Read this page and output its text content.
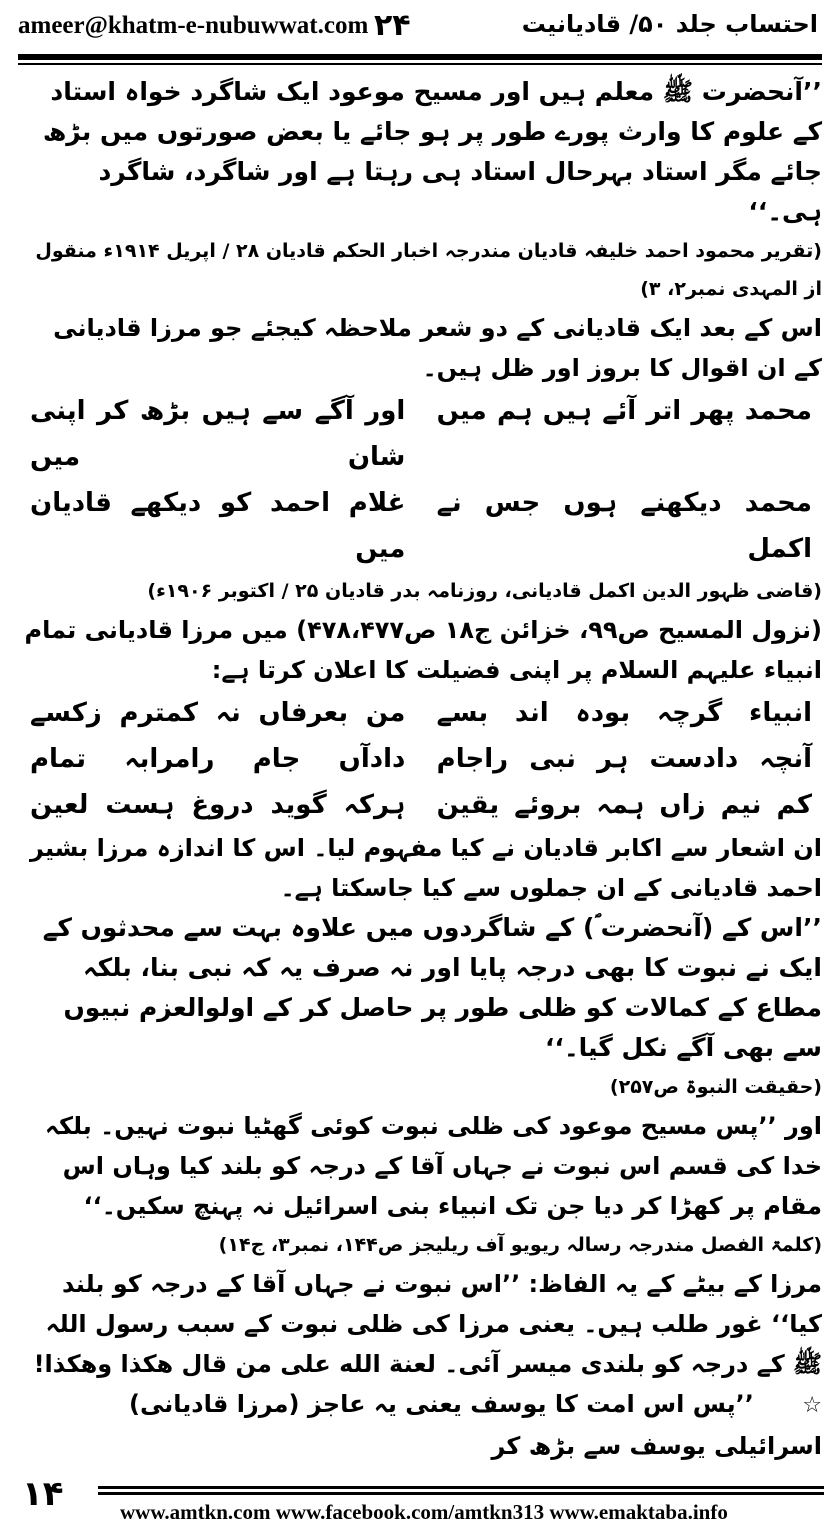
ameer@khatm-e-nubuwwat.com ۲۴	احتساب جلد ۵۰/ قادیانیت

’’آنحضرت ﷺ معلم ہیں اور مسیح موعود ایک شاگرد خواہ استاد کے علوم کا وارث پورے طور پر ہو جائے یا بعض صورتوں میں بڑھ جائے مگر استاد بہرحال استاد ہی رہتا ہے اور شاگرد، شاگرد ہی۔‘‘

(تقریر محمود احمد خلیفہ قادیان مندرجہ اخبار الحکم قادیان ۲۸ / اپریل ۱۹۱۴ء منقول از المہدی نمبر۲، ۳)

اس کے بعد ایک قادیانی کے دو شعر ملاحظہ کیجئے جو مرزا قادیانی کے ان اقوال کا بروز اور ظل ہیں۔

محمد پھر اتر آئے ہیں ہم میں
اور آگے سے ہیں بڑھ کر اپنی شان میں
محمد دیکھنے ہوں جس نے اکمل
غلام احمد کو دیکھے قادیان میں

(قاضی ظہور الدین اکمل قادیانی، روزنامہ بدر قادیان ۲۵ / اکتوبر ۱۹۰۶ء)

(نزول المسیح ص۹۹، خزائن ج۱۸ ص۴۷۸،۴۷۷) میں مرزا قادیانی تمام انبیاء علیہم السلام پر اپنی فضیلت کا اعلان کرتا ہے:

انبیاء گرچہ بودہ اند بسے
من بعرفاں نہ کمترم زکسے
آنچہ دادست ہر نبی راجام
دادآں جام رامرابہ تمام
کم نیم زاں ہمہ بروئے یقین
ہرکہ گوید دروغ ہست لعین

ان اشعار سے اکابر قادیان نے کیا مفہوم لیا۔ اس کا اندازہ مرزا بشیر احمد قادیانی کے ان جملوں سے کیا جاسکتا ہے۔

’’اس کے (آنحضرت ؐ) کے شاگردوں میں علاوہ بہت سے محدثوں کے ایک نے نبوت کا بھی درجہ پایا اور نہ صرف یہ کہ نبی بنا، بلکہ مطاع کے کمالات کو ظلی طور پر حاصل کر کے اولوالعزم نبیوں سے بھی آگے نکل گیا۔‘‘

(حقیقت النبوۃ ص۲۵۷)

اور ’’پس مسیح موعود کی ظلی نبوت کوئی گھٹیا نبوت نہیں۔ بلکہ خدا کی قسم اس نبوت نے جہاں آقا کے درجہ کو بلند کیا وہاں اس مقام پر کھڑا کر دیا جن تک انبیاء بنی اسرائیل نہ پہنچ سکیں۔‘‘

(کلمۃ الفصل مندرجہ رسالہ ریویو آف ریلیجز ص۱۴۴، نمبر۳، ج۱۴)

مرزا کے بیٹے کے یہ الفاظ: ’’اس نبوت نے جہاں آقا کے درجہ کو بلند کیا‘‘ غور طلب ہیں۔ یعنی مرزا کی ظلی نبوت کے سبب رسول اللہ ﷺ کے درجہ کو بلندی میسر آئی۔ لعنة الله علی من قال هكذا وهكذا!

☆ ’’پس اس امت کا یوسف یعنی یہ عاجز (مرزا قادیانی) اسرائیلی یوسف سے بڑھ کر

۱۴	www.amtkn.com www.facebook.com/amtkn313 www.emaktaba.info
